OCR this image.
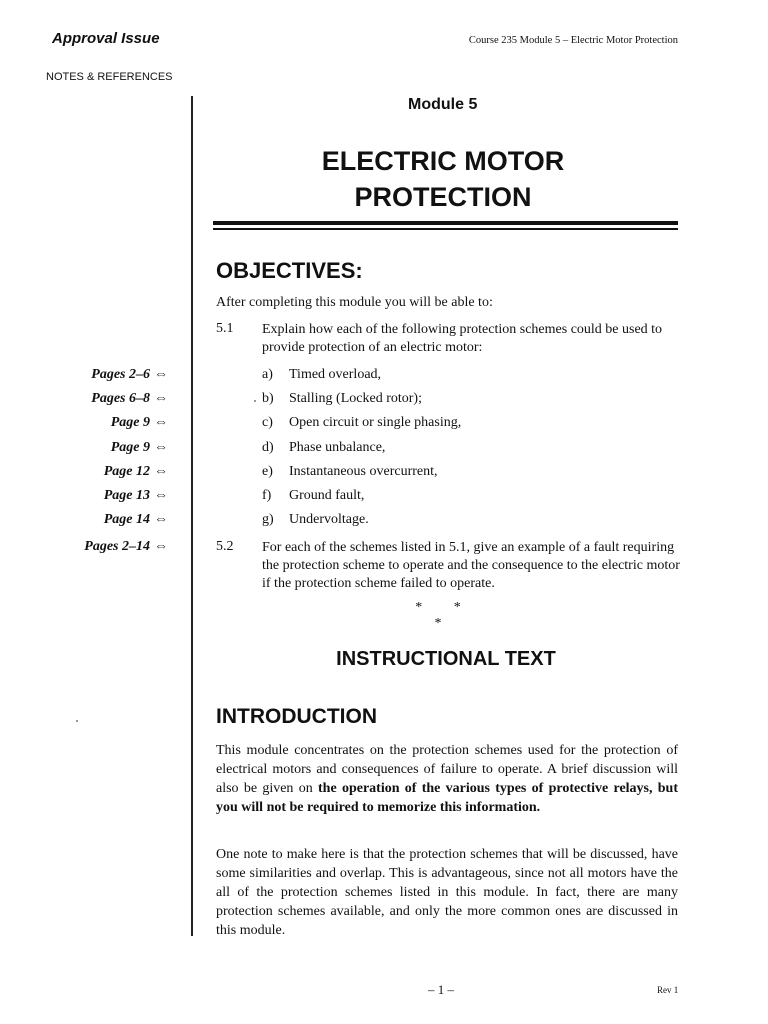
Approval Issue	Course 235 Module 5 – Electric Motor Protection
NOTES & REFERENCES
Pages 2–6 ⇔
Pages 6–8 ⇔
Page 9 ⇔
Page 9 ⇔
Page 12 ⇔
Page 13 ⇔
Page 14 ⇔
Pages 2–14 ⇔
Module 5
ELECTRIC MOTOR
PROTECTION
OBJECTIVES:
After completing this module you will be able to:
5.1 Explain how each of the following protection schemes could be used to provide protection of an electric motor:
a) Timed overload,
b) Stalling (Locked rotor);
c) Open circuit or single phasing,
d) Phase unbalance,
e) Instantaneous overcurrent,
f) Ground fault,
g) Undervoltage.
5.2 For each of the schemes listed in 5.1, give an example of a fault requiring the protection scheme to operate and the consequence to the electric motor if the protection scheme failed to operate.
* * *
INSTRUCTIONAL TEXT
INTRODUCTION

This module concentrates on the protection schemes used for the protection of electrical motors and consequences of failure to operate. A brief discussion will also be given on the operation of the various types of protective relays, but you will not be required to memorize this information.

One note to make here is that the protection schemes that will be discussed, have some similarities and overlap. This is advantageous, since not all motors have the all of the protection schemes listed in this module. In fact, there are many protection schemes available, and only the more common ones are discussed in this module.

– 1 –	Rev 1
